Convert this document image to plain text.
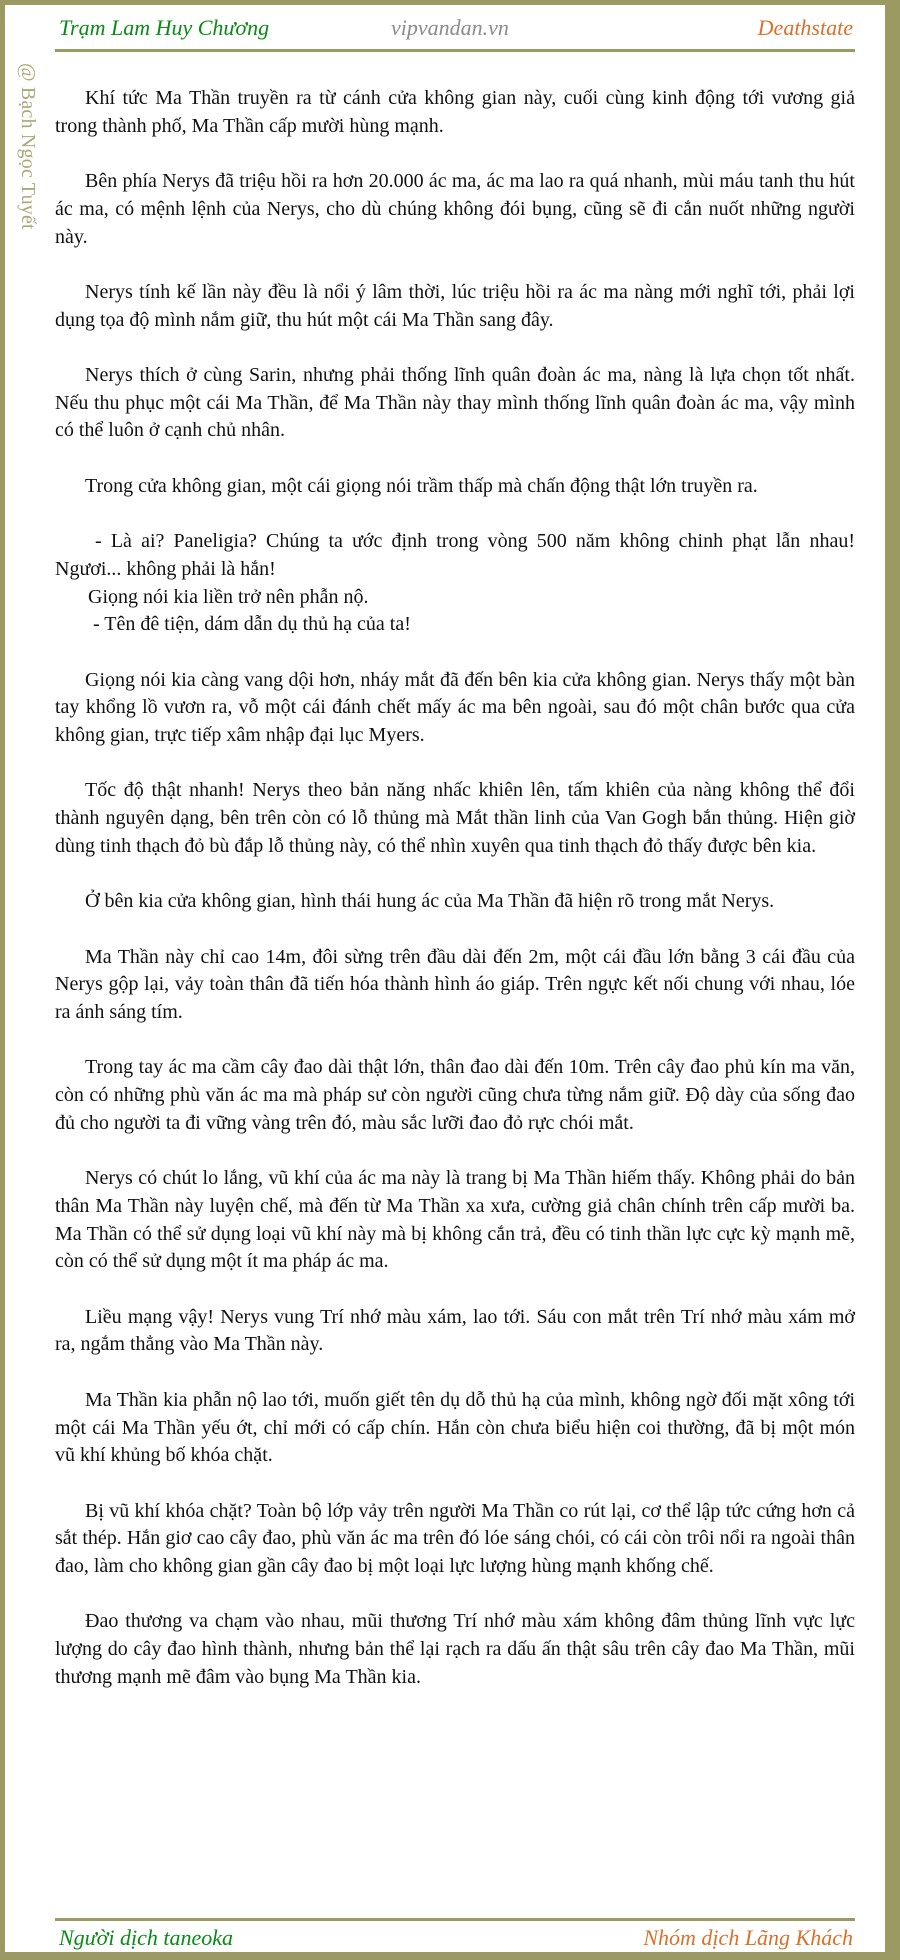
Trạm Lam Huy Chương	vipvandan.vn	Deathstate
@ Bạch Ngọc Tuyết	Khí tức Ma Thần truyền ra từ cánh cửa không gian này, cuối cùng kinh động tới vương giả trong thành phố, Ma Thần cấp mười hùng mạnh.

Bên phía Nerys đã triệu hồi ra hơn 20.000 ác ma, ác ma lao ra quá nhanh, mùi máu tanh thu hút ác ma, có mệnh lệnh của Nerys, cho dù chúng không đói bụng, cũng sẽ đi cắn nuốt những người này.

Nerys tính kế lần này đều là nổi ý lâm thời, lúc triệu hồi ra ác ma nàng mới nghĩ tới, phải lợi dụng tọa độ mình nắm giữ, thu hút một cái Ma Thần sang đây.

Nerys thích ở cùng Sarin, nhưng phải thống lĩnh quân đoàn ác ma, nàng là lựa chọn tốt nhất. Nếu thu phục một cái Ma Thần, để Ma Thần này thay mình thống lĩnh quân đoàn ác ma, vậy mình có thể luôn ở cạnh chủ nhân.

Trong cửa không gian, một cái giọng nói trầm thấp mà chấn động thật lớn truyền ra.

- Là ai? Paneligia? Chúng ta ước định trong vòng 500 năm không chinh phạt lẫn nhau! Ngươi... không phải là hắn!

Giọng nói kia liền trở nên phẫn nộ.

- Tên đê tiện, dám dẫn dụ thủ hạ của ta!

Giọng nói kia càng vang dội hơn, nháy mắt đã đến bên kia cửa không gian. Nerys thấy một bàn tay khổng lồ vươn ra, vỗ một cái đánh chết mấy ác ma bên ngoài, sau đó một chân bước qua cửa không gian, trực tiếp xâm nhập đại lục Myers.

Tốc độ thật nhanh! Nerys theo bản năng nhấc khiên lên, tấm khiên của nàng không thể đổi thành nguyên dạng, bên trên còn có lỗ thủng mà Mắt thần linh của Van Gogh bắn thủng. Hiện giờ dùng tinh thạch đỏ bù đắp lỗ thủng này, có thể nhìn xuyên qua tinh thạch đỏ thấy được bên kia.

Ở bên kia cửa không gian, hình thái hung ác của Ma Thần đã hiện rõ trong mắt Nerys.

Ma Thần này chỉ cao 14m, đôi sừng trên đầu dài đến 2m, một cái đầu lớn bằng 3 cái đầu của Nerys gộp lại, vảy toàn thân đã tiến hóa thành hình áo giáp. Trên ngực kết nối chung với nhau, lóe ra ánh sáng tím.

Trong tay ác ma cầm cây đao dài thật lớn, thân đao dài đến 10m. Trên cây đao phủ kín ma văn, còn có những phù văn ác ma mà pháp sư còn người cũng chưa từng nắm giữ. Độ dày của sống đao đủ cho người ta đi vững vàng trên đó, màu sắc lưỡi đao đỏ rực chói mắt.

Nerys có chút lo lắng, vũ khí của ác ma này là trang bị Ma Thần hiếm thấy. Không phải do bản thân Ma Thần này luyện chế, mà đến từ Ma Thần xa xưa, cường giả chân chính trên cấp mười ba. Ma Thần có thể sử dụng loại vũ khí này mà bị không cắn trả, đều có tinh thần lực cực kỳ mạnh mẽ, còn có thể sử dụng một ít ma pháp ác ma.

Liều mạng vậy! Nerys vung Trí nhớ màu xám, lao tới. Sáu con mắt trên Trí nhớ màu xám mở ra, ngắm thẳng vào Ma Thần này.

Ma Thần kia phẫn nộ lao tới, muốn giết tên dụ dỗ thủ hạ của mình, không ngờ đối mặt xông tới một cái Ma Thần yếu ớt, chỉ mới có cấp chín. Hắn còn chưa biểu hiện coi thường, đã bị một món vũ khí khủng bố khóa chặt.

Bị vũ khí khóa chặt? Toàn bộ lớp vảy trên người Ma Thần co rút lại, cơ thể lập tức cứng hơn cả sắt thép. Hắn giơ cao cây đao, phù văn ác ma trên đó lóe sáng chói, có cái còn trôi nổi ra ngoài thân đao, làm cho không gian gần cây đao bị một loại lực lượng hùng mạnh khống chế.

Đao thương va chạm vào nhau, mũi thương Trí nhớ màu xám không đâm thủng lĩnh vực lực lượng do cây đao hình thành, nhưng bản thể lại rạch ra dấu ấn thật sâu trên cây đao Ma Thần, mũi thương mạnh mẽ đâm vào bụng Ma Thần kia.

Người dịch taneoka	Nhóm dịch Lãng Khách
